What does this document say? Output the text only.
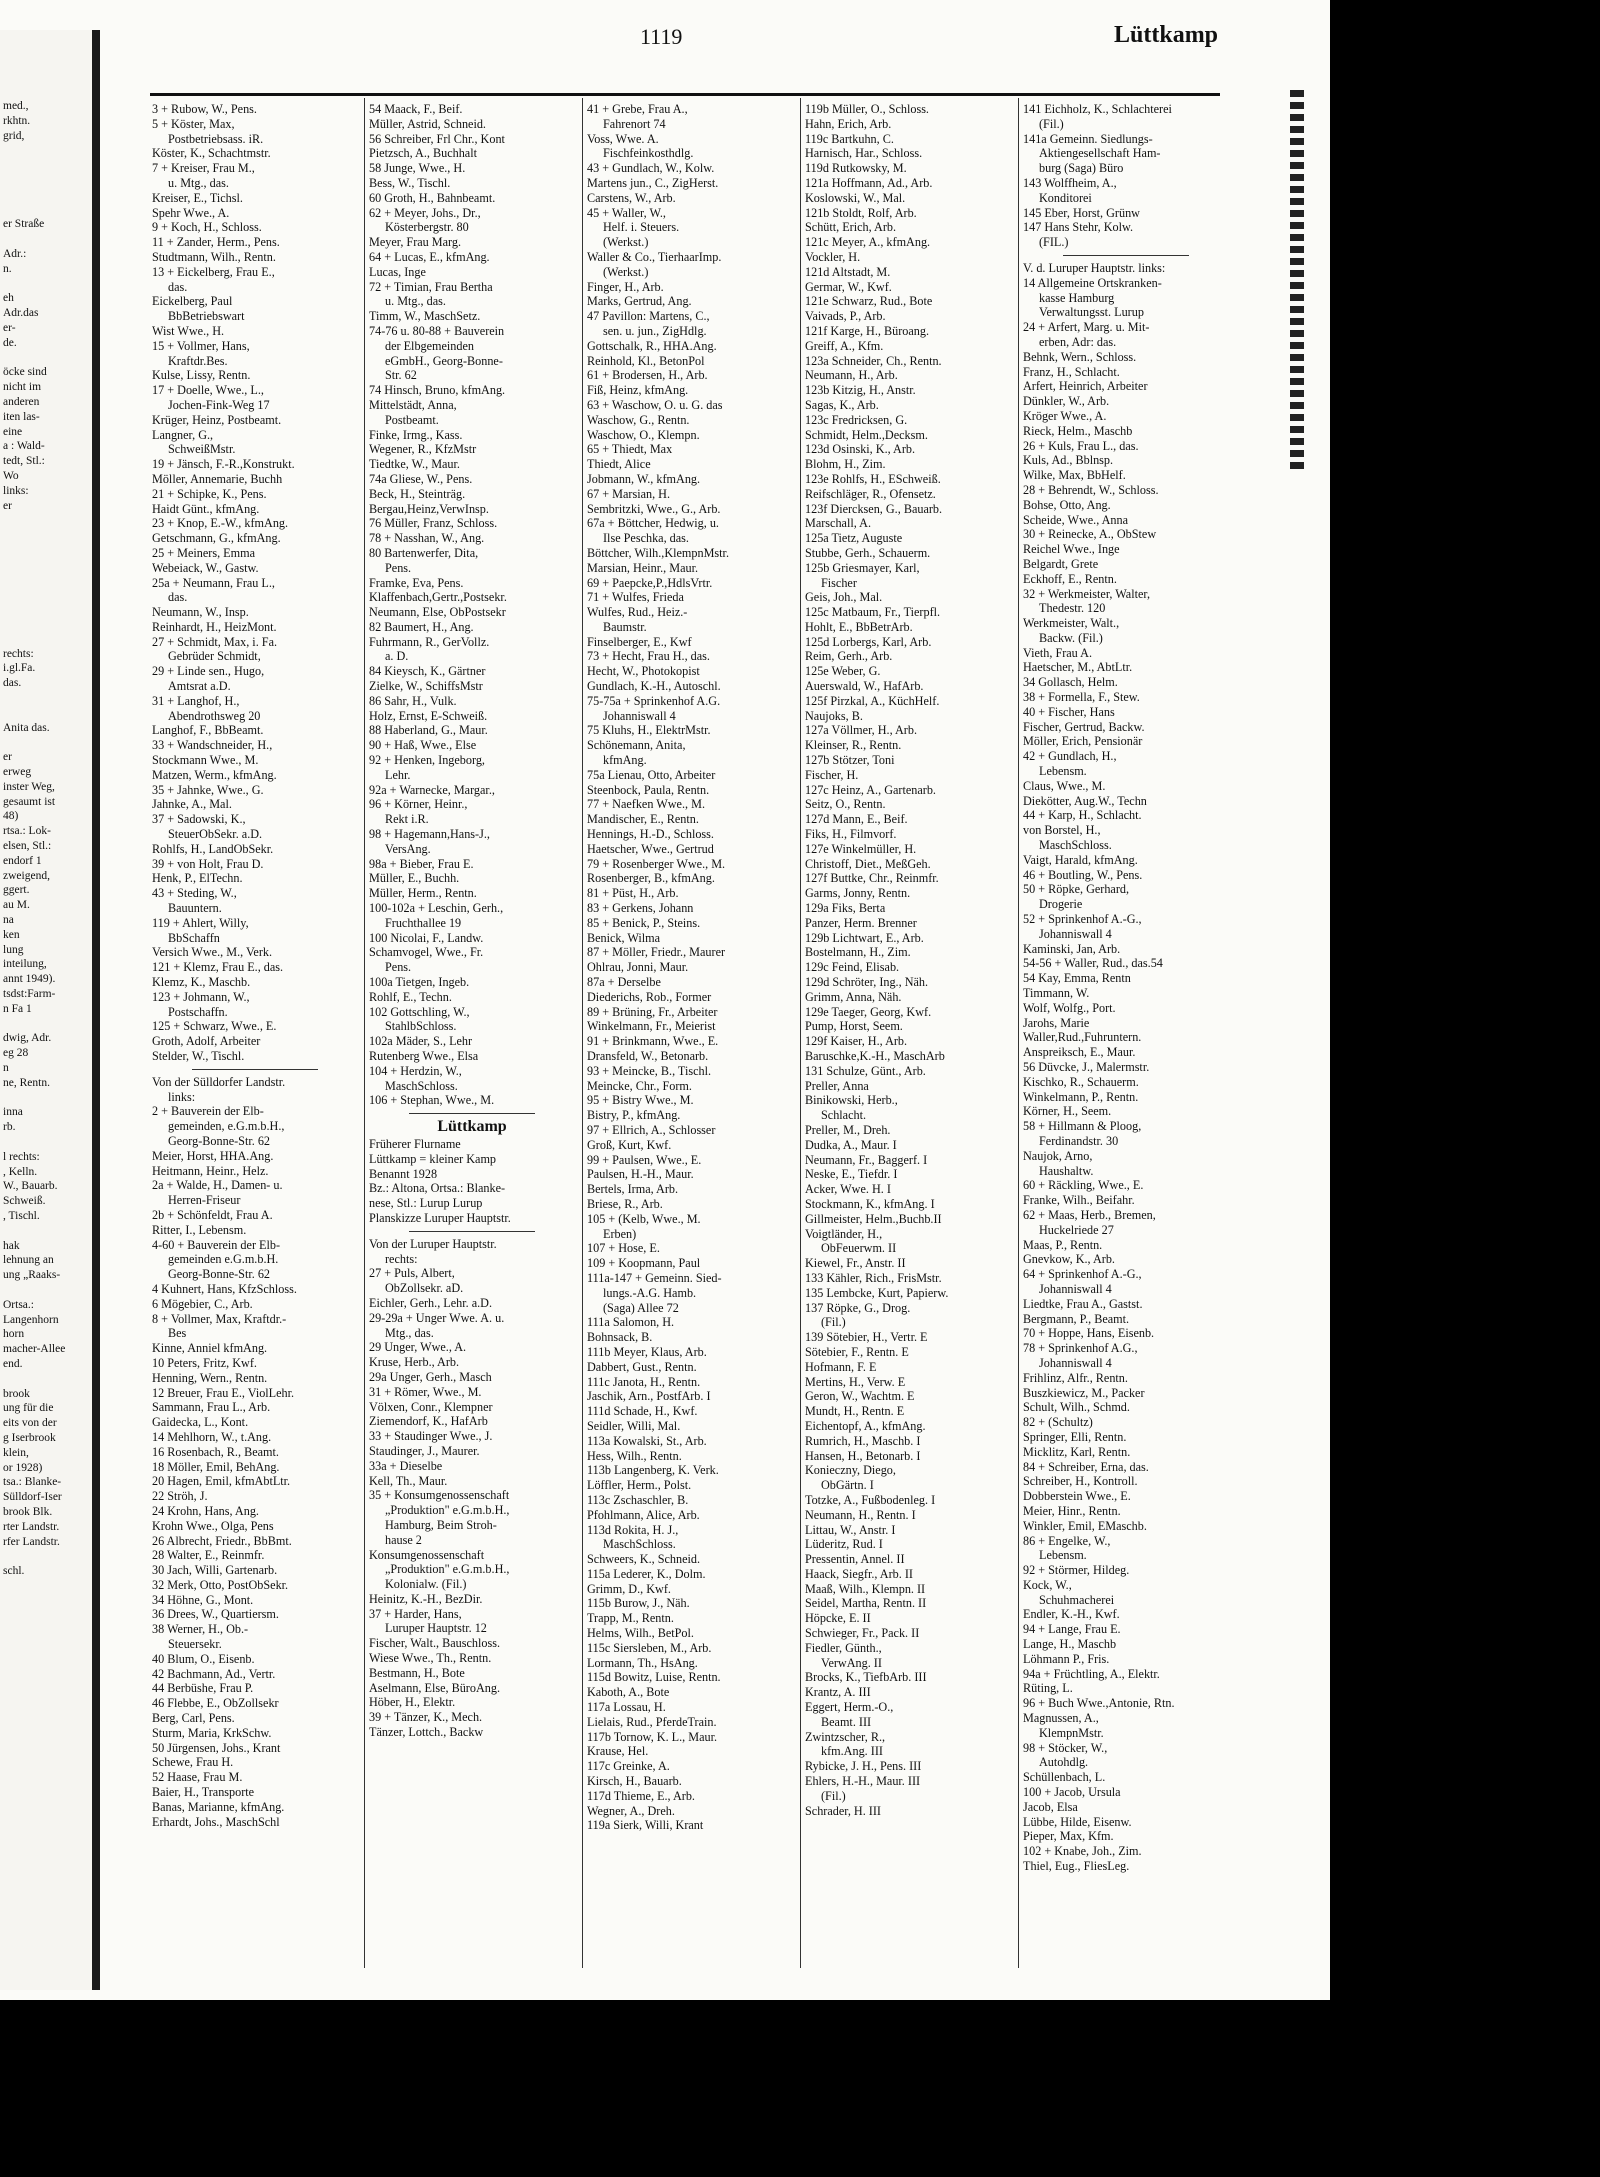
med.,
rkhtn.
grid,
er Straße
Adr.:
n.
eh
Adr.das
er-
de.
öcke sind
nicht im
anderen
iten las-
eine
a : Wald-
tedt, Stl.:
Wo
links:
er
rechts:
i.gl.Fa.
das.
Anita das.
er
erweg
inster Weg,
gesaumt ist
48)
rtsa.: Lok-
elsen, Stl.:
endorf 1
zweigend,
ggert.
au M.
na
ken
lung
inteilung,
annt 1949).
tsdst:Farm-
n Fa 1
dwig, Adr.
eg 28
n
ne, Rentn.
inna
rb.
l rechts:
, Kelln.
W., Bauarb.
Schweiß.
, Tischl.
hak
lehnung an
ung „Raaks-
Ortsa.:
Langenhorn
horn
macher-Allee
end.
brook
ung für die
eits von der
g Iserbrook
klein,
or 1928)
tsa.: Blanke-
Sülldorf-Iser
brook Blk.
rter Landstr.
rfer Landstr.
schl.
1119	Lüttkamp
3 + Rubow, W., Pens.
5 + Köster, Max,
Postbetriebsass. iR.
Köster, K., Schachtmstr.
7 + Kreiser, Frau M.,
u. Mtg., das.
Kreiser, E., Tichsl.
Spehr Wwe., A.
9 + Koch, H., Schloss.
11 + Zander, Herm., Pens.
Studtmann, Wilh., Rentn.
13 + Eickelberg, Frau E.,
das.
Eickelberg, Paul
BbBetriebswart
Wist Wwe., H.
15 + Vollmer, Hans,
Kraftdr.Bes.
Kulse, Lissy, Rentn.
17 + Doelle, Wwe., L.,
Jochen-Fink-Weg 17
Krüger, Heinz, Postbeamt.
Langner, G.,
SchweißMstr.
19 + Jänsch, F.-R.,Konstrukt.
Möller, Annemarie, Buchh
21 + Schipke, K., Pens.
Haidt Günt., kfmAng.
23 + Knop, E.-W., kfmAng.
Getschmann, G., kfmAng.
25 + Meiners, Emma
Webeiack, W., Gastw.
25a + Neumann, Frau L.,
das.
Neumann, W., Insp.
Reinhardt, H., HeizMont.
27 + Schmidt, Max, i. Fa.
Gebrüder Schmidt,
29 + Linde sen., Hugo,
Amtsrat a.D.
31 + Langhof, H.,
Abendrothsweg 20
Langhof, F., BbBeamt.
33 + Wandschneider, H.,
Stockmann Wwe., M.
Matzen, Werm., kfmAng.
35 + Jahnke, Wwe., G.
Jahnke, A., Mal.
37 + Sadowski, K.,
SteuerObSekr. a.D.
Rohlfs, H., LandObSekr.
39 + von Holt, Frau D.
Henk, P., ElTechn.
43 + Steding, W.,
Bauuntern.
119 + Ahlert, Willy,
BbSchaffn
Versich Wwe., M., Verk.
121 + Klemz, Frau E., das.
Klemz, K., Maschb.
123 + Johmann, W.,
Postschaffn.
125 + Schwarz, Wwe., E.
Groth, Adolf, Arbeiter
Stelder, W., Tischl.
Von der Sülldorfer Landstr.
links:
2 + Bauverein der Elb-
gemeinden, e.G.m.b.H.,
Georg-Bonne-Str. 62
Meier, Horst, HHA.Ang.
Heitmann, Heinr., Helz.
2a + Walde, H., Damen- u.
Herren-Friseur
2b + Schönfeldt, Frau A.
Ritter, I., Lebensm.
4-60 + Bauverein der Elb-
gemeinden e.G.m.b.H.
Georg-Bonne-Str. 62
4 Kuhnert, Hans, KfzSchloss.
6 Mögebier, C., Arb.
8 + Vollmer, Max, Kraftdr.-
Bes
Kinne, Anniel kfmAng.
10 Peters, Fritz, Kwf.
Henning, Wern., Rentn.
12 Breuer, Frau E., ViolLehr.
Sammann, Frau L., Arb.
Gaidecka, L., Kont.
14 Mehlhorn, W., t.Ang.
16 Rosenbach, R., Beamt.
18 Möller, Emil, BehAng.
20 Hagen, Emil, kfmAbtLtr.
22 Ströh, J.
24 Krohn, Hans, Ang.
Krohn Wwe., Olga, Pens
26 Albrecht, Friedr., BbBmt.
28 Walter, E., Reinmfr.
30 Jach, Willi, Gartenarb.
32 Merk, Otto, PostObSekr.
34 Höhne, G., Mont.
36 Drees, W., Quartiersm.
38 Werner, H., Ob.-
Steuersekr.
40 Blum, O., Eisenb.
42 Bachmann, Ad., Vertr.
44 Berbüshe, Frau P.
46 Flebbe, E., ObZollsekr
Berg, Carl, Pens.
Sturm, Maria, KrkSchw.
50 Jürgensen, Johs., Krant
Schewe, Frau H.
52 Haase, Frau M.
Baier, H., Transporte
Banas, Marianne, kfmAng.
Erhardt, Johs., MaschSchl
54 Maack, F., Beif.
Müller, Astrid, Schneid.
56 Schreiber, Frl Chr., Kont
Pietzsch, A., Buchhalt
58 Junge, Wwe., H.
Bess, W., Tischl.
60 Groth, H., Bahnbeamt.
62 + Meyer, Johs., Dr.,
Kösterbergstr. 80
Meyer, Frau Marg.
64 + Lucas, E., kfmAng.
Lucas, Inge
72 + Timian, Frau Bertha
u. Mtg., das.
Timm, W., MaschSetz.
74-76 u. 80-88 + Bauverein
der Elbgemeinden
eGmbH., Georg-Bonne-
Str. 62
74 Hinsch, Bruno, kfmAng.
Mittelstädt, Anna,
Postbeamt.
Finke, Irmg., Kass.
Wegener, R., KfzMstr
Tiedtke, W., Maur.
74a Gliese, W., Pens.
Beck, H., Steinträg.
Bergau,Heinz,VerwInsp.
76 Müller, Franz, Schloss.
78 + Nasshan, W., Ang.
80 Bartenwerfer, Dita,
Pens.
Framke, Eva, Pens.
Klaffenbach,Gertr.,Postsekr.
Neumann, Else, ObPostsekr
82 Baumert, H., Ang.
Fuhrmann, R., GerVollz.
a. D.
84 Kieysch, K., Gärtner
Zielke, W., SchiffsMstr
86 Sahr, H., Vulk.
Holz, Ernst, E-Schweiß.
88 Haberland, G., Maur.
90 + Haß, Wwe., Else
92 + Henken, Ingeborg,
Lehr.
92a + Warnecke, Margar.,
96 + Körner, Heinr.,
Rekt i.R.
98 + Hagemann,Hans-J.,
VersAng.
98a + Bieber, Frau E.
Müller, E., Buchh.
Müller, Herm., Rentn.
100-102a + Leschin, Gerh.,
Fruchthallee 19
100 Nicolai, F., Landw.
Schamvogel, Wwe., Fr.
Pens.
100a Tietgen, Ingeb.
Rohlf, E., Techn.
102 Gottschling, W.,
StahlbSchloss.
102a Mäder, S., Lehr
Rutenberg Wwe., Elsa
104 + Herdzin, W.,
MaschSchloss.
106 + Stephan, Wwe., M.
Lüttkamp
Früherer Flurname
Lüttkamp = kleiner Kamp
Benannt 1928
Bz.: Altona, Ortsa.: Blanke-
nese, Stl.: Lurup Lurup
Planskizze Luruper Hauptstr.
Von der Luruper Hauptstr.
rechts:
27 + Puls, Albert,
ObZollsekr. aD.
Eichler, Gerh., Lehr. a.D.
29-29a + Unger Wwe. A. u.
Mtg., das.
29 Unger, Wwe., A.
Kruse, Herb., Arb.
29a Unger, Gerh., Masch
31 + Römer, Wwe., M.
Völxen, Conr., Klempner
Ziemendorf, K., HafArb
33 + Staudinger Wwe., J.
Staudinger, J., Maurer.
33a + Dieselbe
Kell, Th., Maur.
35 + Konsumgenossenschaft
„Produktion" e.G.m.b.H.,
Hamburg, Beim Stroh-
hause 2
Konsumgenossenschaft
„Produktion" e.G.m.b.H.,
Kolonialw. (Fil.)
Heinitz, K.-H., BezDir.
37 + Harder, Hans,
Luruper Hauptstr. 12
Fischer, Walt., Bauschloss.
Wiese Wwe., Th., Rentn.
Bestmann, H., Bote
Aselmann, Else, BüroAng.
Höber, H., Elektr.
39 + Tänzer, K., Mech.
Tänzer, Lottch., Backw
41 + Grebe, Frau A.,
Fahrenort 74
Voss, Wwe. A.
Fischfeinkosthdlg.
43 + Gundlach, W., Kolw.
Martens jun., C., ZigHerst.
Carstens, W., Arb.
45 + Waller, W.,
Helf. i. Steuers.
(Werkst.)
Waller & Co., TierhaarImp.
(Werkst.)
Finger, H., Arb.
Marks, Gertrud, Ang.
47 Pavillon: Martens, C.,
sen. u. jun., ZigHdlg.
Gottschalk, R., HHA.Ang.
Reinhold, Kl., BetonPol
61 + Brodersen, H., Arb.
Fiß, Heinz, kfmAng.
63 + Waschow, O. u. G. das
Waschow, G., Rentn.
Waschow, O., Klempn.
65 + Thiedt, Max
Thiedt, Alice
Jobmann, W., kfmAng.
67 + Marsian, H.
Sembritzki, Wwe., G., Arb.
67a + Böttcher, Hedwig, u.
Ilse Peschka, das.
Böttcher, Wilh.,KlempnMstr.
Marsian, Heinr., Maur.
69 + Paepcke,P.,HdlsVrtr.
71 + Wulfes, Frieda
Wulfes, Rud., Heiz.-
Baumstr.
Finselberger, E., Kwf
73 + Hecht, Frau H., das.
Hecht, W., Photokopist
Gundlach, K.-H., Autoschl.
75-75a + Sprinkenhof A.G.
Johanniswall 4
75 Kluhs, H., ElektrMstr.
Schönemann, Anita,
kfmAng.
75a Lienau, Otto, Arbeiter
Steenbock, Paula, Rentn.
77 + Naefken Wwe., M.
Mandischer, E., Rentn.
Hennings, H.-D., Schloss.
Haetscher, Wwe., Gertrud
79 + Rosenberger Wwe., M.
Rosenberger, B., kfmAng.
81 + Püst, H., Arb.
83 + Gerkens, Johann
85 + Benick, P., Steins.
Benick, Wilma
87 + Möller, Friedr., Maurer
Ohlrau, Jonni, Maur.
87a + Derselbe
Diederichs, Rob., Former
89 + Brüning, Fr., Arbeiter
Winkelmann, Fr., Meierist
91 + Brinkmann, Wwe., E.
Dransfeld, W., Betonarb.
93 + Meincke, B., Tischl.
Meincke, Chr., Form.
95 + Bistry Wwe., M.
Bistry, P., kfmAng.
97 + Ellrich, A., Schlosser
Groß, Kurt, Kwf.
99 + Paulsen, Wwe., E.
Paulsen, H.-H., Maur.
Bertels, Irma, Arb.
Briese, R., Arb.
105 + (Kelb, Wwe., M.
Erben)
107 + Hose, E.
109 + Koopmann, Paul
111a-147 + Gemeinn. Sied-
lungs.-A.G. Hamb.
(Saga) Allee 72
111a Salomon, H.
Bohnsack, B.
111b Meyer, Klaus, Arb.
Dabbert, Gust., Rentn.
111c Janota, H., Rentn.
Jaschik, Arn., PostfArb. I
111d Schade, H., Kwf.
Seidler, Willi, Mal.
113a Kowalski, St., Arb.
Hess, Wilh., Rentn.
113b Langenberg, K. Verk.
Löffler, Herm., Polst.
113c Zschaschler, B.
Pfohlmann, Alice, Arb.
113d Rokita, H. J.,
MaschSchloss.
Schweers, K., Schneid.
115a Lederer, K., Dolm.
Grimm, D., Kwf.
115b Burow, J., Näh.
Trapp, M., Rentn.
Helms, Wilh., BetPol.
115c Siersleben, M., Arb.
Lormann, Th., HsAng.
115d Bowitz, Luise, Rentn.
Kaboth, A., Bote
117a Lossau, H.
Lielais, Rud., PferdeTrain.
117b Tornow, K. L., Maur.
Krause, Hel.
117c Greinke, A.
Kirsch, H., Bauarb.
117d Thieme, E., Arb.
Wegner, A., Dreh.
119a Sierk, Willi, Krant
119b Müller, O., Schloss.
Hahn, Erich, Arb.
119c Bartkuhn, C.
Harnisch, Har., Schloss.
119d Rutkowsky, M.
121a Hoffmann, Ad., Arb.
Koslowski, W., Mal.
121b Stoldt, Rolf, Arb.
Schütt, Erich, Arb.
121c Meyer, A., kfmAng.
Vockler, H.
121d Altstadt, M.
Germar, W., Kwf.
121e Schwarz, Rud., Bote
Vaivads, P., Arb.
121f Karge, H., Büroang.
Greiff, A., Kfm.
123a Schneider, Ch., Rentn.
Neumann, H., Arb.
123b Kitzig, H., Anstr.
Sagas, K., Arb.
123c Fredricksen, G.
Schmidt, Helm.,Decksm.
123d Osinski, K., Arb.
Blohm, H., Zim.
123e Rohlfs, H., ESchweiß.
Reifschläger, R., Ofensetz.
123f Diercksen, G., Bauarb.
Marschall, A.
125a Tietz, Auguste
Stubbe, Gerh., Schauerm.
125b Griesmayer, Karl,
Fischer
Geis, Joh., Mal.
125c Matbaum, Fr., Tierpfl.
Hohlt, E., BbBetrArb.
125d Lorbergs, Karl, Arb.
Reim, Gerh., Arb.
125e Weber, G.
Auerswald, W., HafArb.
125f Pirzkal, A., KüchHelf.
Naujoks, B.
127a Völlmer, H., Arb.
Kleinser, R., Rentn.
127b Stötzer, Toni
Fischer, H.
127c Heinz, A., Gartenarb.
Seitz, O., Rentn.
127d Mann, E., Beif.
Fiks, H., Filmvorf.
127e Winkelmüller, H.
Christoff, Diet., MeßGeh.
127f Buttke, Chr., Reinmfr.
Garms, Jonny, Rentn.
129a Fiks, Berta
Panzer, Herm. Brenner
129b Lichtwart, E., Arb.
Bostelmann, H., Zim.
129c Feind, Elisab.
129d Schröter, Ing., Näh.
Grimm, Anna, Näh.
129e Taeger, Georg, Kwf.
Pump, Horst, Seem.
129f Kaiser, H., Arb.
Baruschke,K.-H., MaschArb
131 Schulze, Günt., Arb.
Preller, Anna
Binikowski, Herb.,
Schlacht.
Preller, M., Dreh.
Dudka, A., Maur. I
Neumann, Fr., Baggerf. I
Neske, E., Tiefdr. I
Acker, Wwe. H. I
Stockmann, K., kfmAng. I
Gillmeister, Helm.,Buchb.II
Voigtländer, H.,
ObFeuerwm. II
Kiewel, Fr., Anstr. II
133 Kähler, Rich., FrisMstr.
135 Lembcke, Kurt, Papierw.
137 Röpke, G., Drog.
(Fil.)
139 Sötebier, H., Vertr. E
Sötebier, F., Rentn. E
Hofmann, F. E
Mertins, H., Verw. E
Geron, W., Wachtm. E
Mundt, H., Rentn. E
Eichentopf, A., kfmAng.
Rumrich, H., Maschb. I
Hansen, H., Betonarb. I
Konieczny, Diego,
ObGärtn. I
Totzke, A., Fußbodenleg. I
Neumann, H., Rentn. I
Littau, W., Anstr. I
Lüderitz, Rud. I
Pressentin, Annel. II
Haack, Siegfr., Arb. II
Maaß, Wilh., Klempn. II
Seidel, Martha, Rentn. II
Höpcke, E. II
Schwieger, Fr., Pack. II
Fiedler, Günth.,
VerwAng. II
Brocks, K., TiefbArb. III
Krantz, A. III
Eggert, Herm.-O.,
Beamt. III
Zwintzscher, R.,
kfm.Ang. III
Rybicke, J. H., Pens. III
Ehlers, H.-H., Maur. III
(Fil.)
Schrader, H. III
141 Eichholz, K., Schlachterei
(Fil.)
141a Gemeinn. Siedlungs-
Aktiengesellschaft Ham-
burg (Saga) Büro
143 Wolffheim, A.,
Konditorei
145 Eber, Horst, Grünw
147 Hans Stehr, Kolw.
(FIL.)
V. d. Luruper Hauptstr. links:
14 Allgemeine Ortskranken-
kasse Hamburg
Verwaltungsst. Lurup
24 + Arfert, Marg. u. Mit-
erben, Adr: das.
Behnk, Wern., Schloss.
Franz, H., Schlacht.
Arfert, Heinrich, Arbeiter
Dünkler, W., Arb.
Kröger Wwe., A.
Rieck, Helm., Maschb
26 + Kuls, Frau L., das.
Kuls, Ad., Bblnsp.
Wilke, Max, BbHelf.
28 + Behrendt, W., Schloss.
Bohse, Otto, Ang.
Scheide, Wwe., Anna
30 + Reinecke, A., ObStew
Reichel Wwe., Inge
Belgardt, Grete
Eckhoff, E., Rentn.
32 + Werkmeister, Walter,
Thedestr. 120
Werkmeister, Walt.,
Backw. (Fil.)
Vieth, Frau A.
Haetscher, M., AbtLtr.
34 Gollasch, Helm.
38 + Formella, F., Stew.
40 + Fischer, Hans
Fischer, Gertrud, Backw.
Möller, Erich, Pensionär
42 + Gundlach, H.,
Lebensm.
Claus, Wwe., M.
Diekötter, Aug.W., Techn
44 + Karp, H., Schlacht.
von Borstel, H.,
MaschSchloss.
Vaigt, Harald, kfmAng.
46 + Boutling, W., Pens.
50 + Röpke, Gerhard,
Drogerie
52 + Sprinkenhof A.-G.,
Johanniswall 4
Kaminski, Jan, Arb.
54-56 + Waller, Rud., das.54
54 Kay, Emma, Rentn
Timmann, W.
Wolf, Wolfg., Port.
Jarohs, Marie
Waller,Rud.,Fuhruntern.
Anspreiksch, E., Maur.
56 Düvcke, J., Malermstr.
Kischko, R., Schauerm.
Winkelmann, P., Rentn.
Körner, H., Seem.
58 + Hillmann & Ploog,
Ferdinandstr. 30
Naujok, Arno,
Haushaltw.
60 + Räckling, Wwe., E.
Franke, Wilh., Beifahr.
62 + Maas, Herb., Bremen,
Huckelriede 27
Maas, P., Rentn.
Gnevkow, K., Arb.
64 + Sprinkenhof A.-G.,
Johanniswall 4
Liedtke, Frau A., Gastst.
Bergmann, P., Beamt.
70 + Hoppe, Hans, Eisenb.
78 + Sprinkenhof A.G.,
Johanniswall 4
Frihlinz, Alfr., Rentn.
Buszkiewicz, M., Packer
Schult, Wilh., Schmd.
82 + (Schultz)
Springer, Elli, Rentn.
Micklitz, Karl, Rentn.
84 + Schreiber, Erna, das.
Schreiber, H., Kontroll.
Dobberstein Wwe., E.
Meier, Hinr., Rentn.
Winkler, Emil, EMaschb.
86 + Engelke, W.,
Lebensm.
92 + Störmer, Hildeg.
Kock, W.,
Schuhmacherei
Endler, K.-H., Kwf.
94 + Lange, Frau E.
Lange, H., Maschb
Löhmann P., Fris.
94a + Früchtling, A., Elektr.
Rüting, L.
96 + Buch Wwe.,Antonie, Rtn.
Magnussen, A.,
KlempnMstr.
98 + Stöcker, W.,
Autohdlg.
Schüllenbach, L.
100 + Jacob, Ursula
Jacob, Elsa
Lübbe, Hilde, Eisenw.
Pieper, Max, Kfm.
102 + Knabe, Joh., Zim.
Thiel, Eug., FliesLeg.
